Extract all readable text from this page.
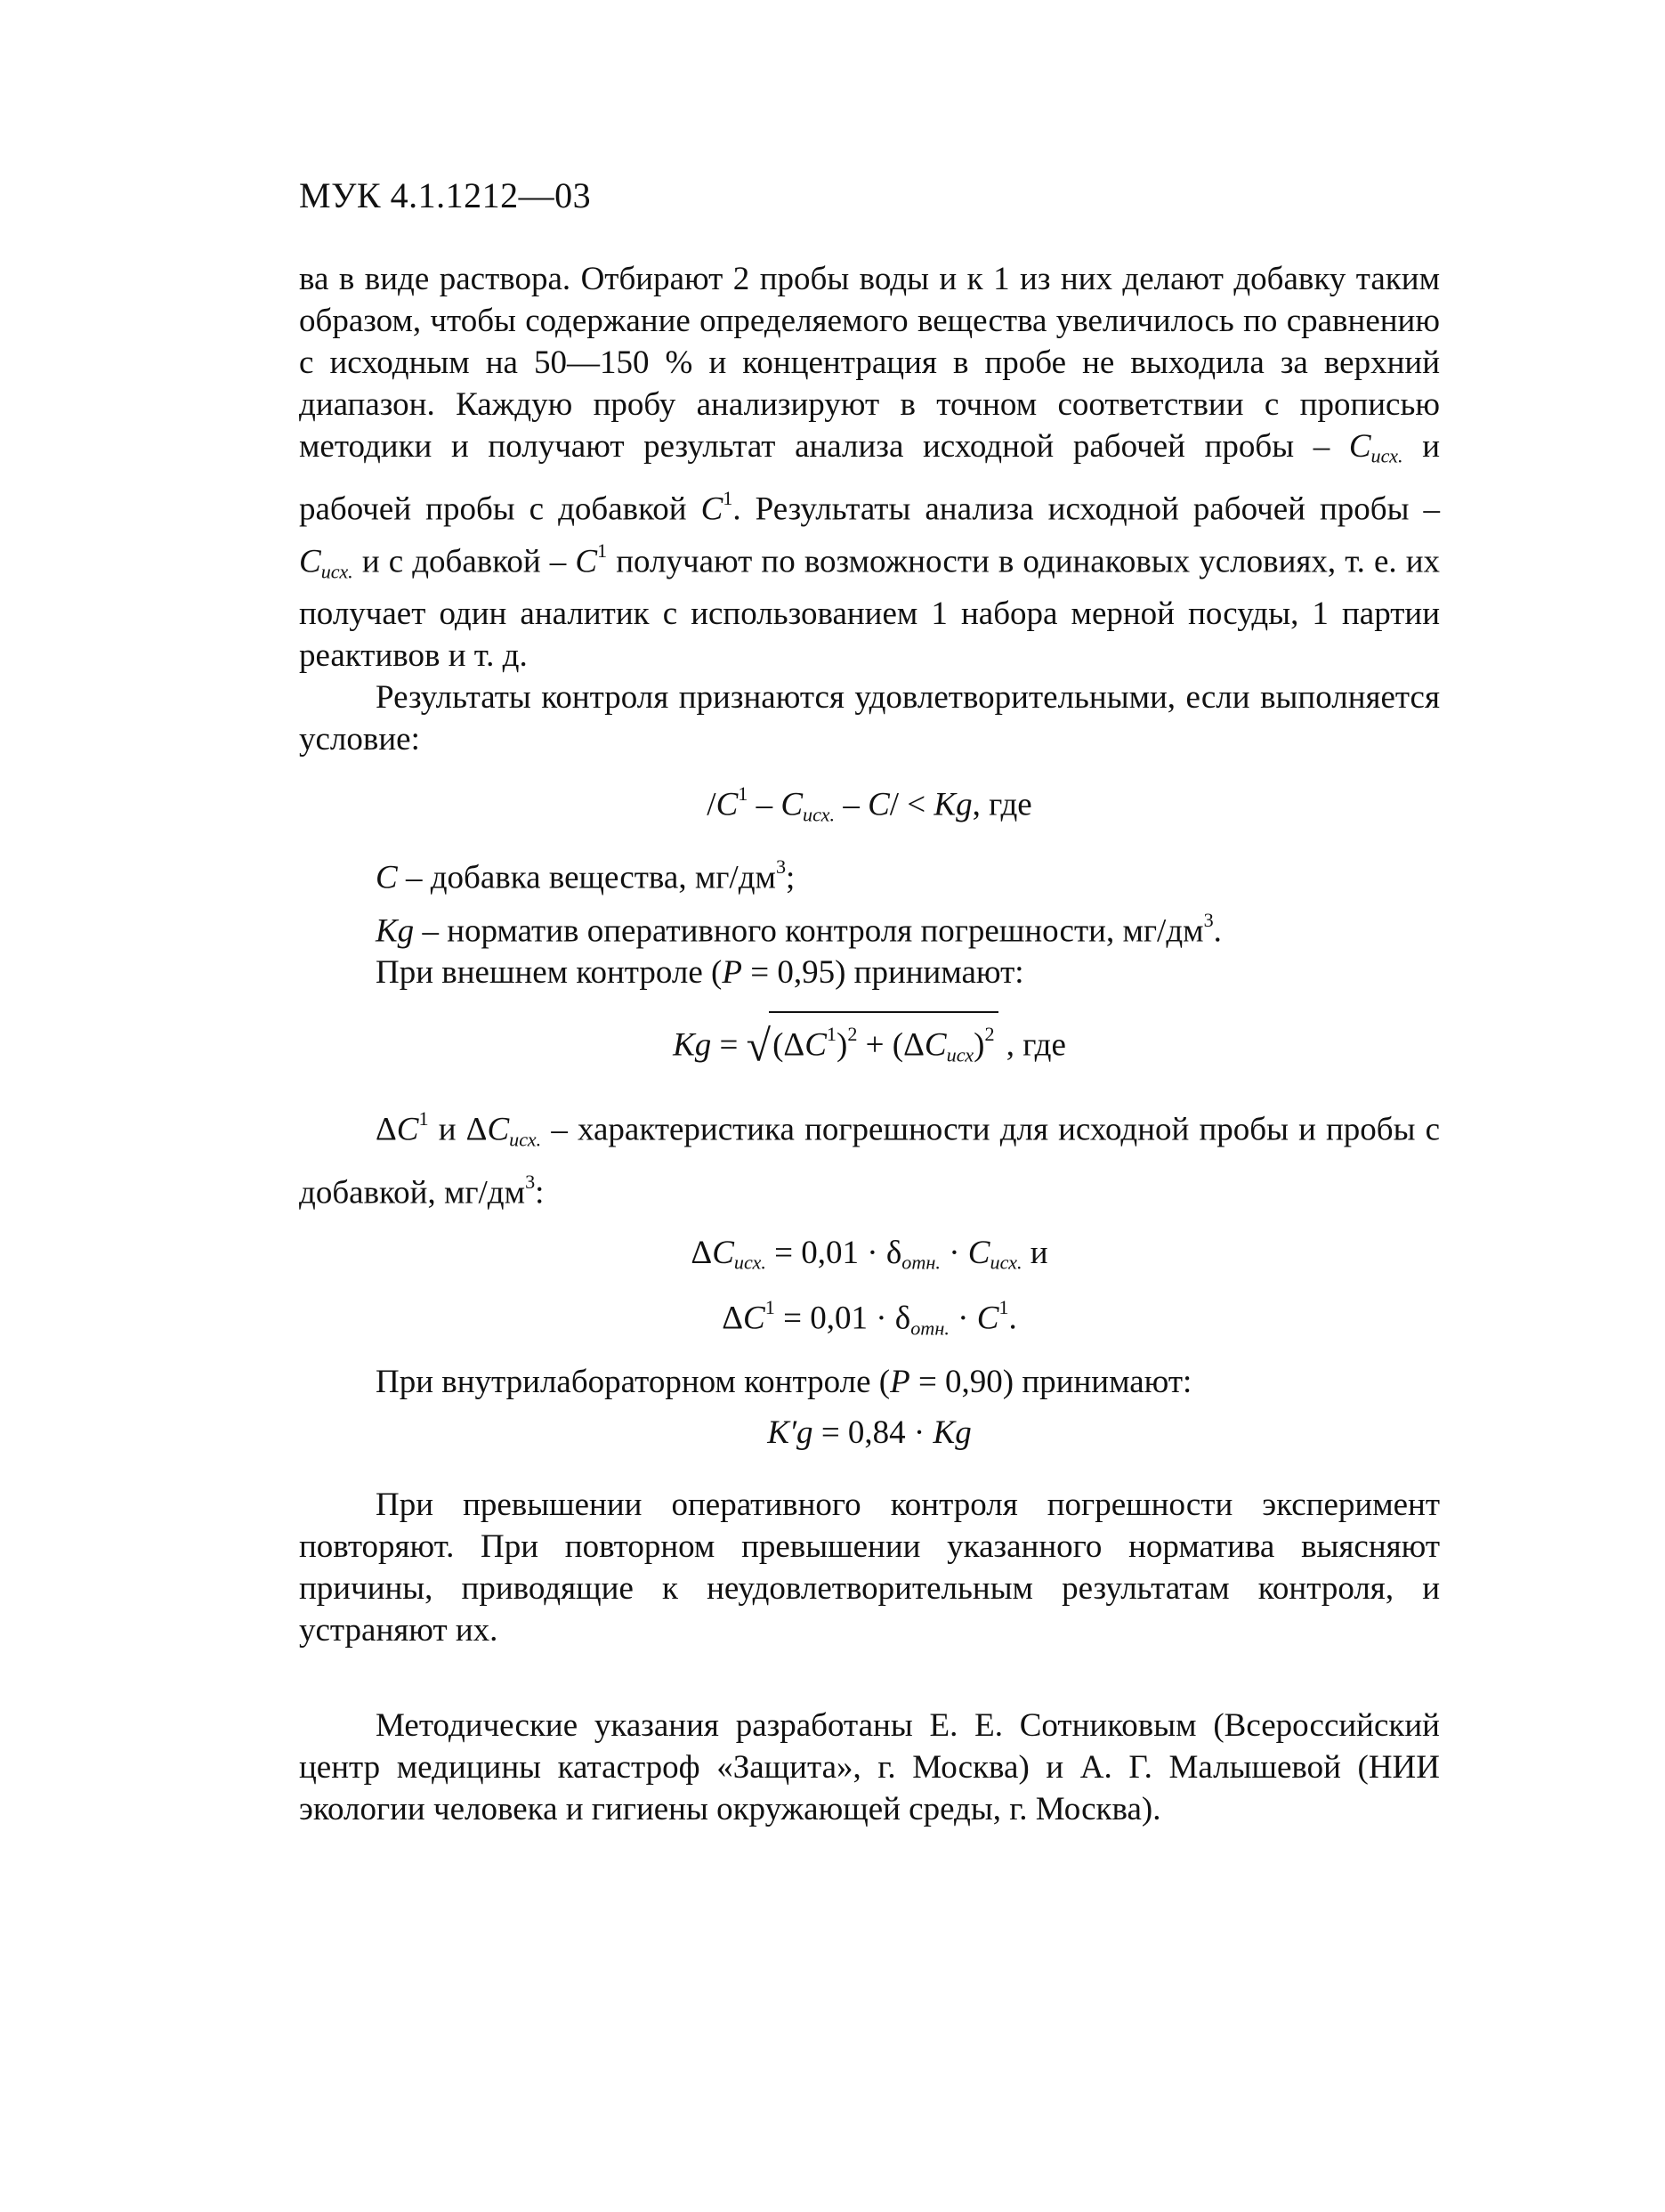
МУК 4.1.1212—03

ва в виде раствора. Отбирают 2 пробы воды и к 1 из них делают добавку таким образом, чтобы содержание определяемого вещества увеличилось по сравнению с исходным на 50—150 % и концентрация в пробе не выходила за верхний диапазон. Каждую пробу анализируют в точном соответствии с прописью методики и получают результат анализа исходной рабочей пробы – $C_{исх.}$ и рабочей пробы с добавкой $C^1$. Результаты анализа исходной рабочей пробы – $C_{исх.}$ и с добавкой – $C^1$ получают по возможности в одинаковых условиях, т. е. их получает один аналитик с использованием 1 набора мерной посуды, 1 партии реактивов и т. д.

Результаты контроля признаются удовлетворительными, если выполняется условие:

$/C^1 - C_{исх.} - C/ < Kg$, где

C – добавка вещества, $мг/дм^3$;

Kg – норматив оперативного контроля погрешности, $мг/дм^3$.

При внешнем контроле (P = 0,95) принимают:

$Kg = √(\Delta C^1)^2 + (\Delta C_{исх})^2$ , где

$\Delta C^1$ и $\Delta C_{исх.}$ – характеристика погрешности для исходной пробы и пробы с добавкой, $мг/дм^3$:

$\Delta C_{исх.} = 0,01 \cdot \delta_{отн.} \cdot C_{исх.}$ и
$\Delta C^1 = 0,01 \cdot \delta_{отн.} \cdot C^1$.

При внутрилабораторном контроле (P = 0,90) принимают:

K′g = 0,84 · Kg

При превышении оперативного контроля погрешности эксперимент повторяют. При повторном превышении указанного норматива выясняют причины, приводящие к неудовлетворительным результатам контроля, и устраняют их.

Методические указания разработаны Е. Е. Сотниковым (Всероссийский центр медицины катастроф «Защита», г. Москва) и А. Г. Малышевой (НИИ экологии человека и гигиены окружающей среды, г. Москва).
